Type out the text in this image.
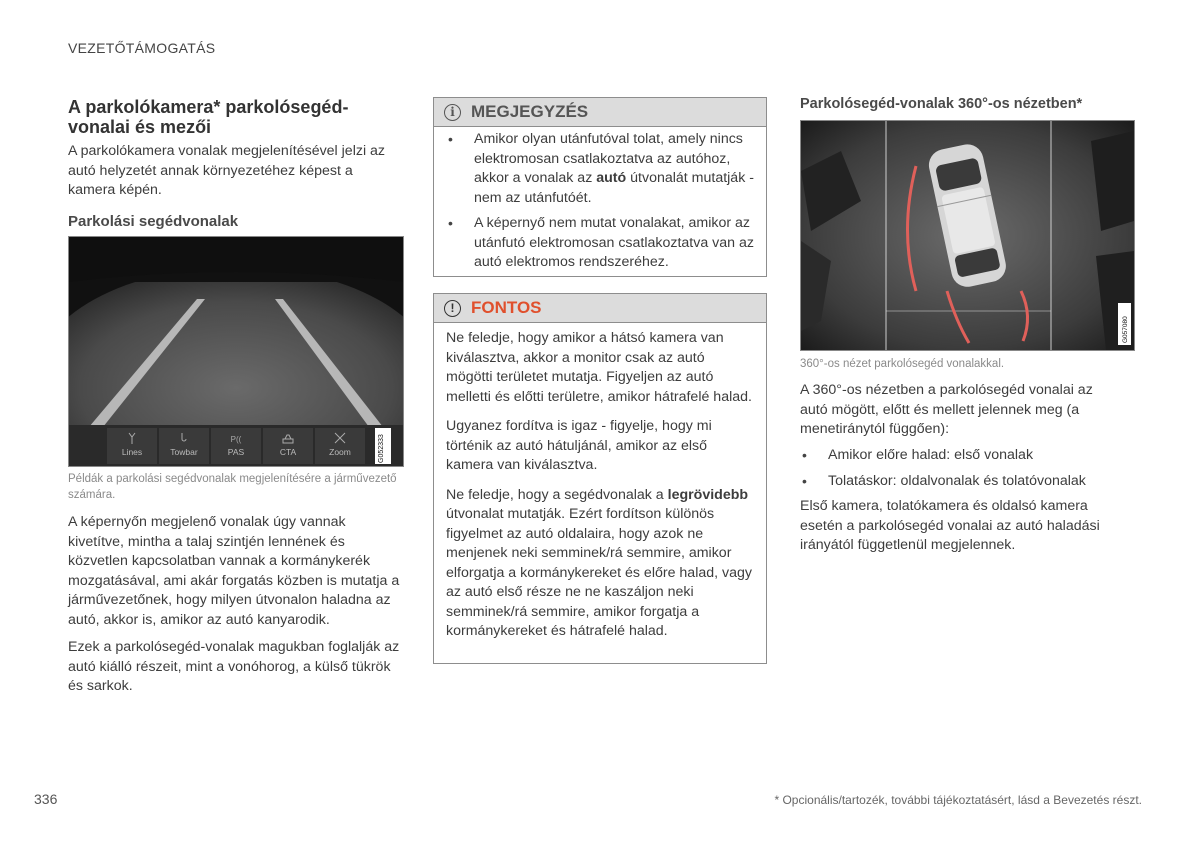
VEZETŐTÁMOGATÁS
A parkolókamera* parkolósegéd-vonalai és mezői

A parkolókamera vonalak megjelenítésével jelzi az autó helyzetét annak környezetéhez képest a kamera képén.

Parkolási segédvonalak
Lines	Towbar	PAS	CTA	Zoom
P((	G052333
Példák a parkolási segédvonalak megjelenítésére a járművezető számára.

A képernyőn megjelenő vonalak úgy vannak kivetítve, mintha a talaj szintjén lennének és közvetlen kapcsolatban vannak a kormánykerék mozgatásával, ami akár forgatás közben is mutatja a járművezetőnek, hogy milyen útvonalon haladna az autó, akkor is, amikor az autó kanyarodik.

Ezek a parkolósegéd-vonalak magukban foglalják az autó kiálló részeit, mint a vonóhorog, a külső tükrök és sarkok.

i MEGJEGYZÉS
• Amikor olyan utánfutóval tolat, amely nincs elektromosan csatlakoztatva az autóhoz, akkor a vonalak az autó útvonalát mutatják - nem az utánfutóét.
• A képernyő nem mutat vonalakat, amikor az utánfutó elektromosan csatlakoztatva van az autó elektromos rendszeréhez.
! FONTOS

Ne feledje, hogy amikor a hátsó kamera van kiválasztva, akkor a monitor csak az autó mögötti területet mutatja. Figyeljen az autó melletti és előtti területre, amikor hátrafelé halad.

Ugyanez fordítva is igaz - figyelje, hogy mi történik az autó hátuljánál, amikor az első kamera van kiválasztva.

Ne feledje, hogy a segédvonalak a legrövidebb útvonalat mutatják. Ezért fordítson különös figyelmet az autó oldalaira, hogy azok ne menjenek neki semminek/rá semmire, amikor elforgatja a kormánykereket és előre halad, vagy az autó első része ne ne kaszáljon neki semminek/rá semmire, amikor forgatja a kormánykereket és hátrafelé halad.

Parkolósegéd-vonalak 360°-os nézetben*
G057080
360°-os nézet parkolósegéd vonalakkal.

A 360°-os nézetben a parkolósegéd vonalai az autó mögött, előtt és mellett jelennek meg (a menetiránytól függően):

• Amikor előre halad: első vonalak
• Tolatáskor: oldalvonalak és tolatóvonalak

Első kamera, tolatókamera és oldalsó kamera esetén a parkolósegéd vonalai az autó haladási irányától függetlenül megjelennek.

336	* Opcionális/tartozék, további tájékoztatásért, lásd a Bevezetés részt.
